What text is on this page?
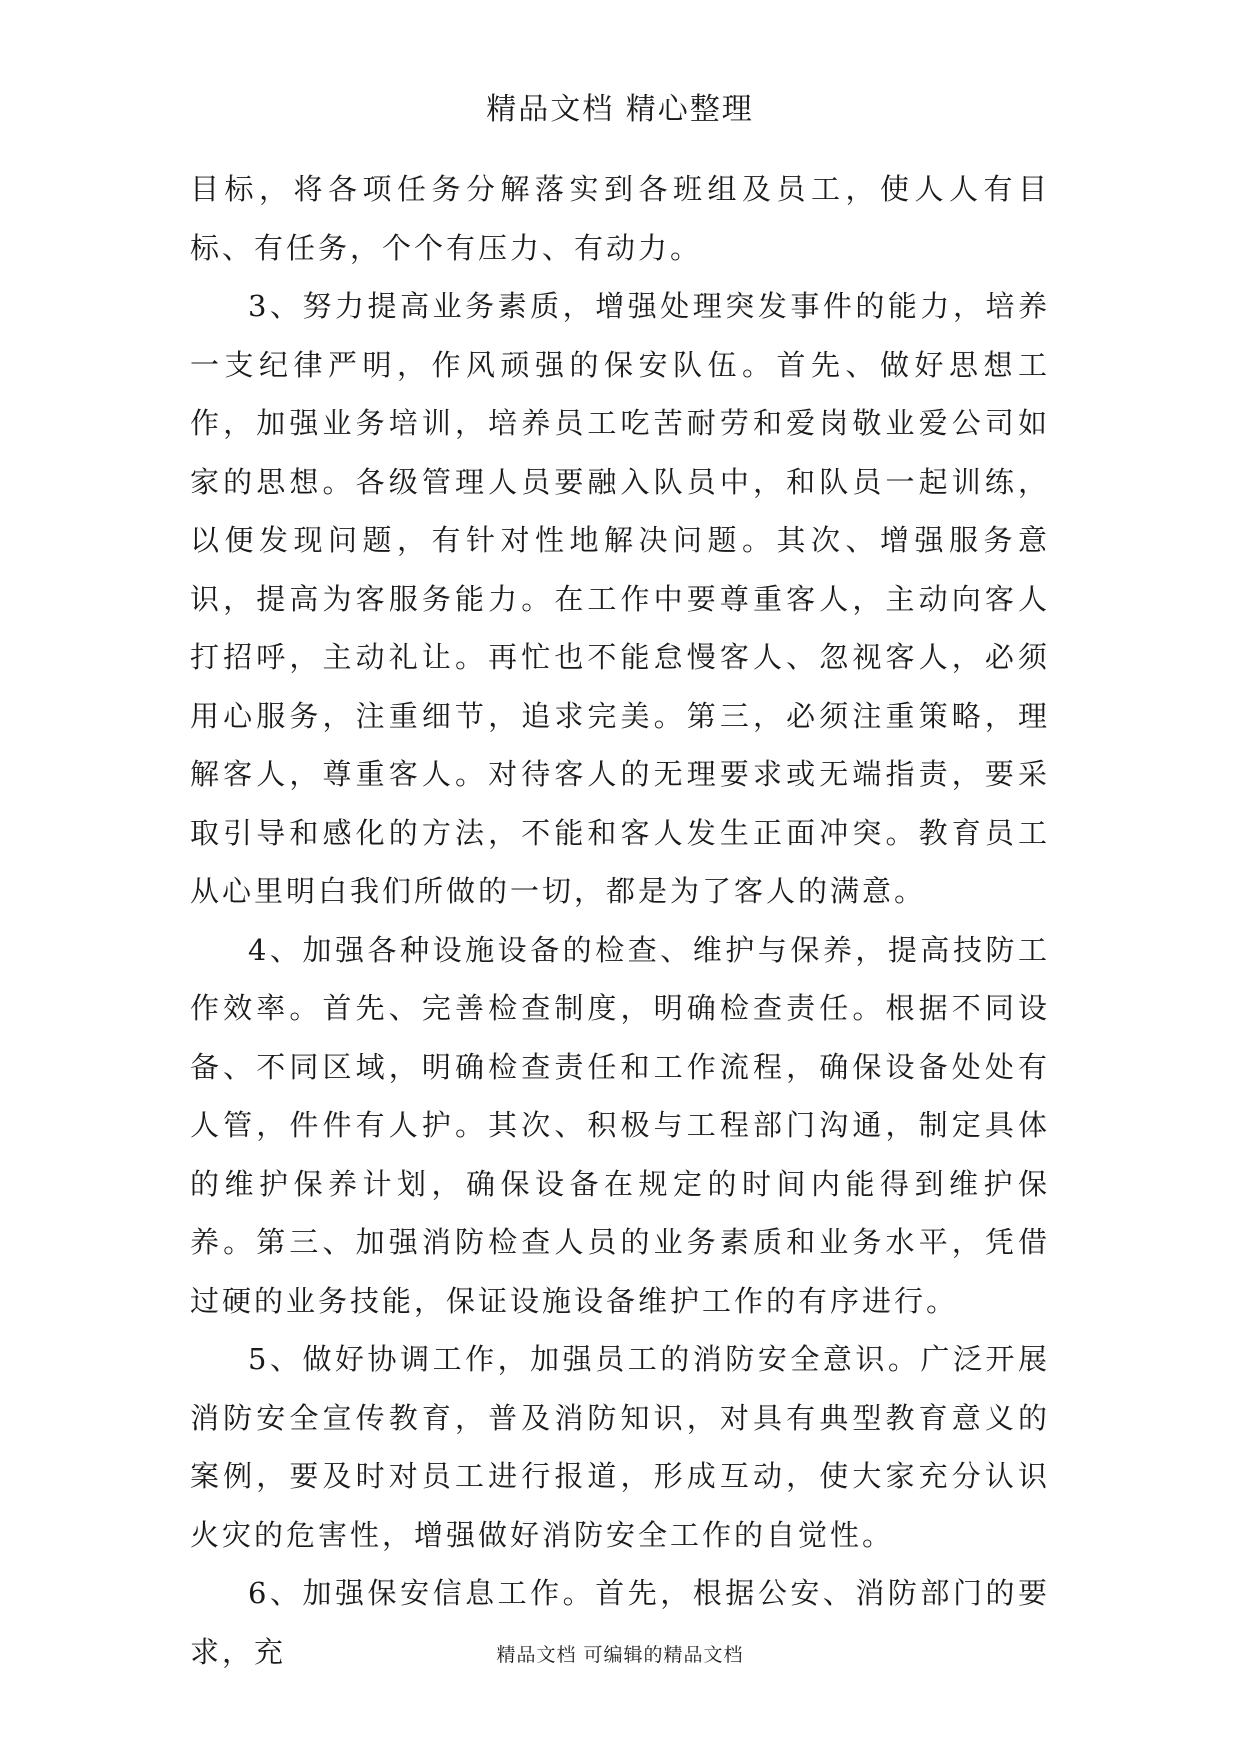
精品文档 精心整理

目标，将各项任务分解落实到各班组及员工，使人人有目标、有任务，个个有压力、有动力。

3、努力提高业务素质，增强处理突发事件的能力，培养一支纪律严明，作风顽强的保安队伍。首先、做好思想工作，加强业务培训，培养员工吃苦耐劳和爱岗敬业爱公司如家的思想。各级管理人员要融入队员中，和队员一起训练，以便发现问题，有针对性地解决问题。其次、增强服务意识，提高为客服务能力。在工作中要尊重客人，主动向客人打招呼，主动礼让。再忙也不能怠慢客人、忽视客人，必须用心服务，注重细节，追求完美。第三，必须注重策略，理解客人，尊重客人。对待客人的无理要求或无端指责，要采取引导和感化的方法，不能和客人发生正面冲突。教育员工从心里明白我们所做的一切，都是为了客人的满意。

4、加强各种设施设备的检查、维护与保养，提高技防工作效率。首先、完善检查制度，明确检查责任。根据不同设备、不同区域，明确检查责任和工作流程，确保设备处处有人管，件件有人护。其次、积极与工程部门沟通，制定具体的维护保养计划，确保设备在规定的时间内能得到维护保养。第三、加强消防检查人员的业务素质和业务水平，凭借过硬的业务技能，保证设施设备维护工作的有序进行。

5、做好协调工作，加强员工的消防安全意识。广泛开展消防安全宣传教育，普及消防知识，对具有典型教育意义的案例，要及时对员工进行报道，形成互动，使大家充分认识火灾的危害性，增强做好消防安全工作的自觉性。

6、加强保安信息工作。首先，根据公安、消防部门的要求，充	精品文档 可编辑的精品文档
